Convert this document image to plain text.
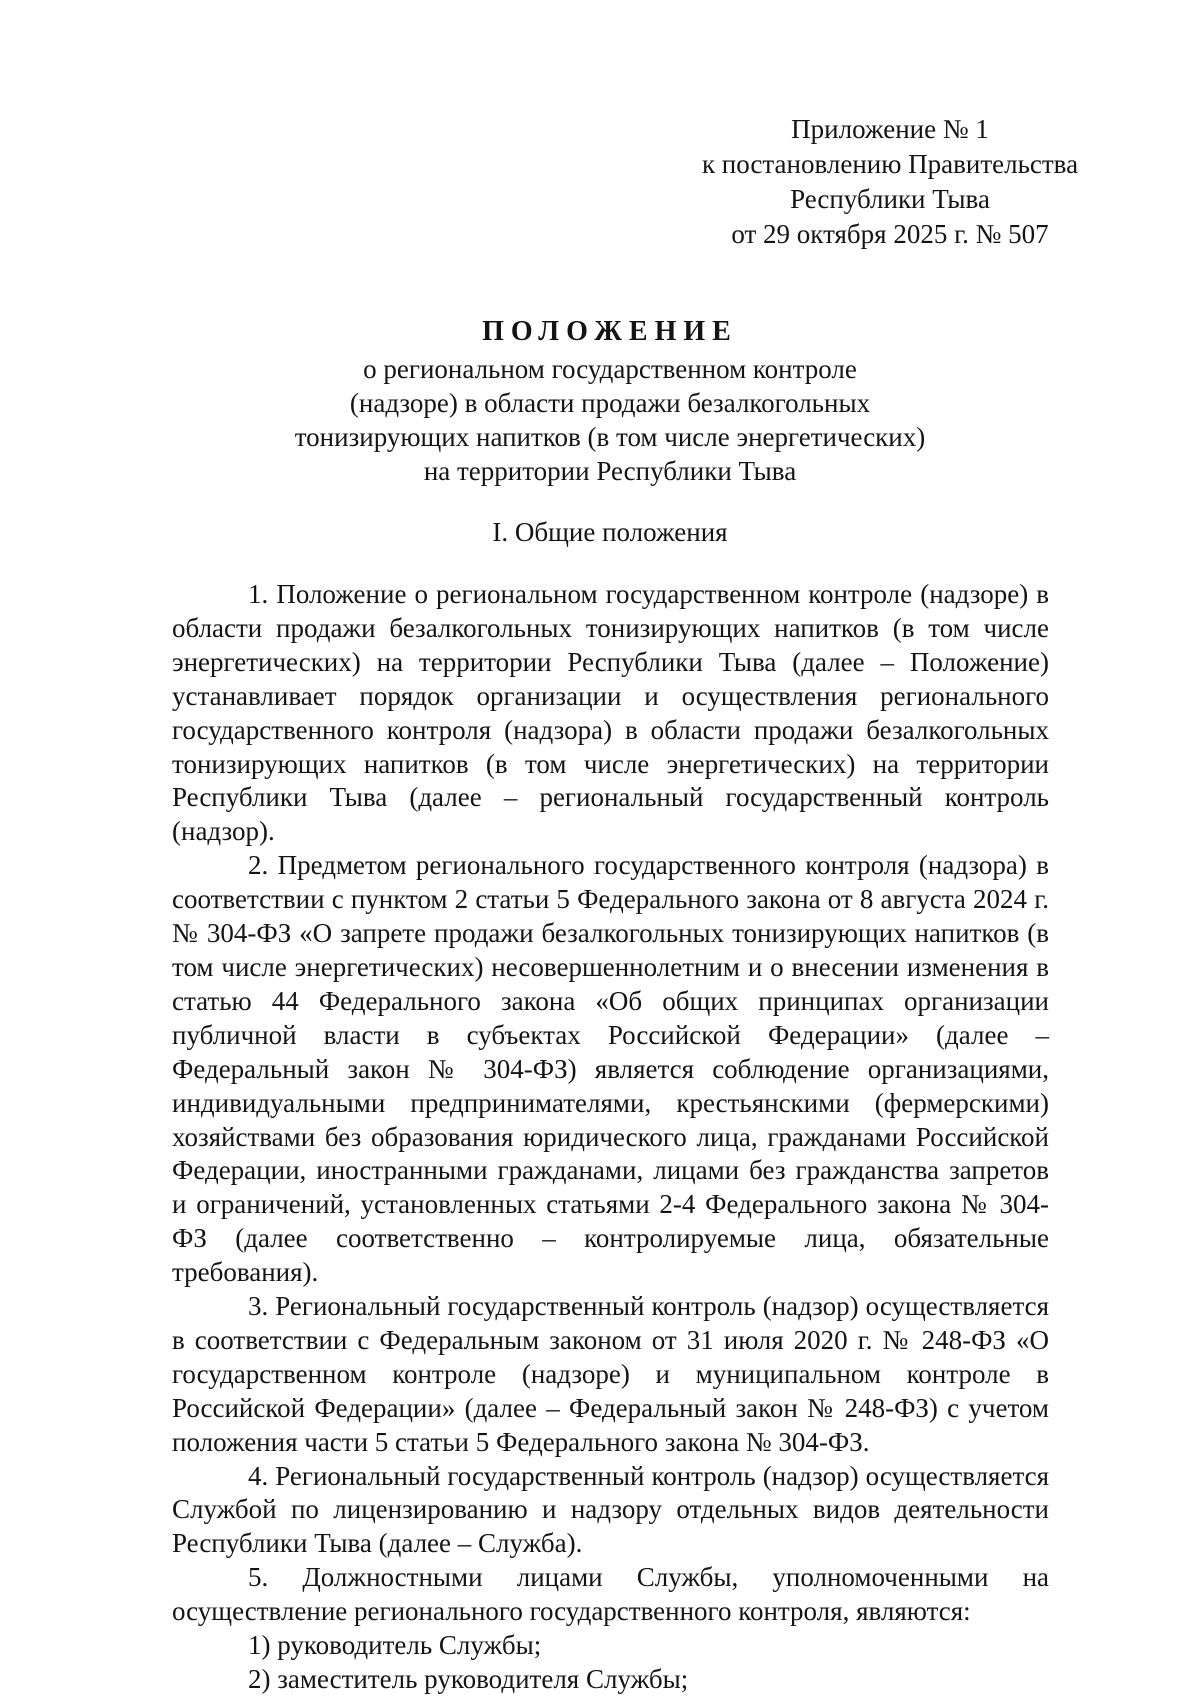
Приложение № 1
к постановлению Правительства
Республики Тыва
от 29 октября 2025 г. № 507
ПОЛОЖЕНИЕ
о региональном государственном контроле
(надзоре) в области продажи безалкогольных
тонизирующих напитков (в том числе энергетических)
на территории Республики Тыва
I. Общие положения

1. Положение о региональном государственном контроле (надзоре) в области продажи безалкогольных тонизирующих напитков (в том числе энергетических) на территории Республики Тыва (далее – Положение) устанавливает порядок организации и осуществления регионального государственного контроля (надзора) в области продажи безалкогольных тонизирующих напитков (в том числе энергетических) на территории Республики Тыва (далее – региональный государственный контроль (надзор).

2. Предметом регионального государственного контроля (надзора) в соответствии с пунктом 2 статьи 5 Федерального закона от 8 августа 2024 г. № 304-ФЗ «О запрете продажи безалкогольных тонизирующих напитков (в том числе энергетических) несовершеннолетним и о внесении изменения в статью 44 Федерального закона «Об общих принципах организации публичной власти в субъектах Российской Федерации» (далее – Федеральный закон № 304-ФЗ) является соблюдение организациями, индивидуальными предпринимателями, крестьянскими (фермерскими) хозяйствами без образования юридического лица, гражданами Российской Федерации, иностранными гражданами, лицами без гражданства запретов и ограничений, установленных статьями 2-4 Федерального закона № 304-ФЗ (далее соответственно – контролируемые лица, обязательные требования).

3. Региональный государственный контроль (надзор) осуществляется в соответствии с Федеральным законом от 31 июля 2020 г. № 248-ФЗ «О государственном контроле (надзоре) и муниципальном контроле в Российской Федерации» (далее – Федеральный закон № 248-ФЗ) с учетом положения части 5 статьи 5 Федерального закона № 304-ФЗ.

4. Региональный государственный контроль (надзор) осуществляется Службой по лицензированию и надзору отдельных видов деятельности Республики Тыва (далее – Служба).

5. Должностными лицами Службы, уполномоченными на осуществление регионального государственного контроля, являются:

1) руководитель Службы;

2) заместитель руководителя Службы;
